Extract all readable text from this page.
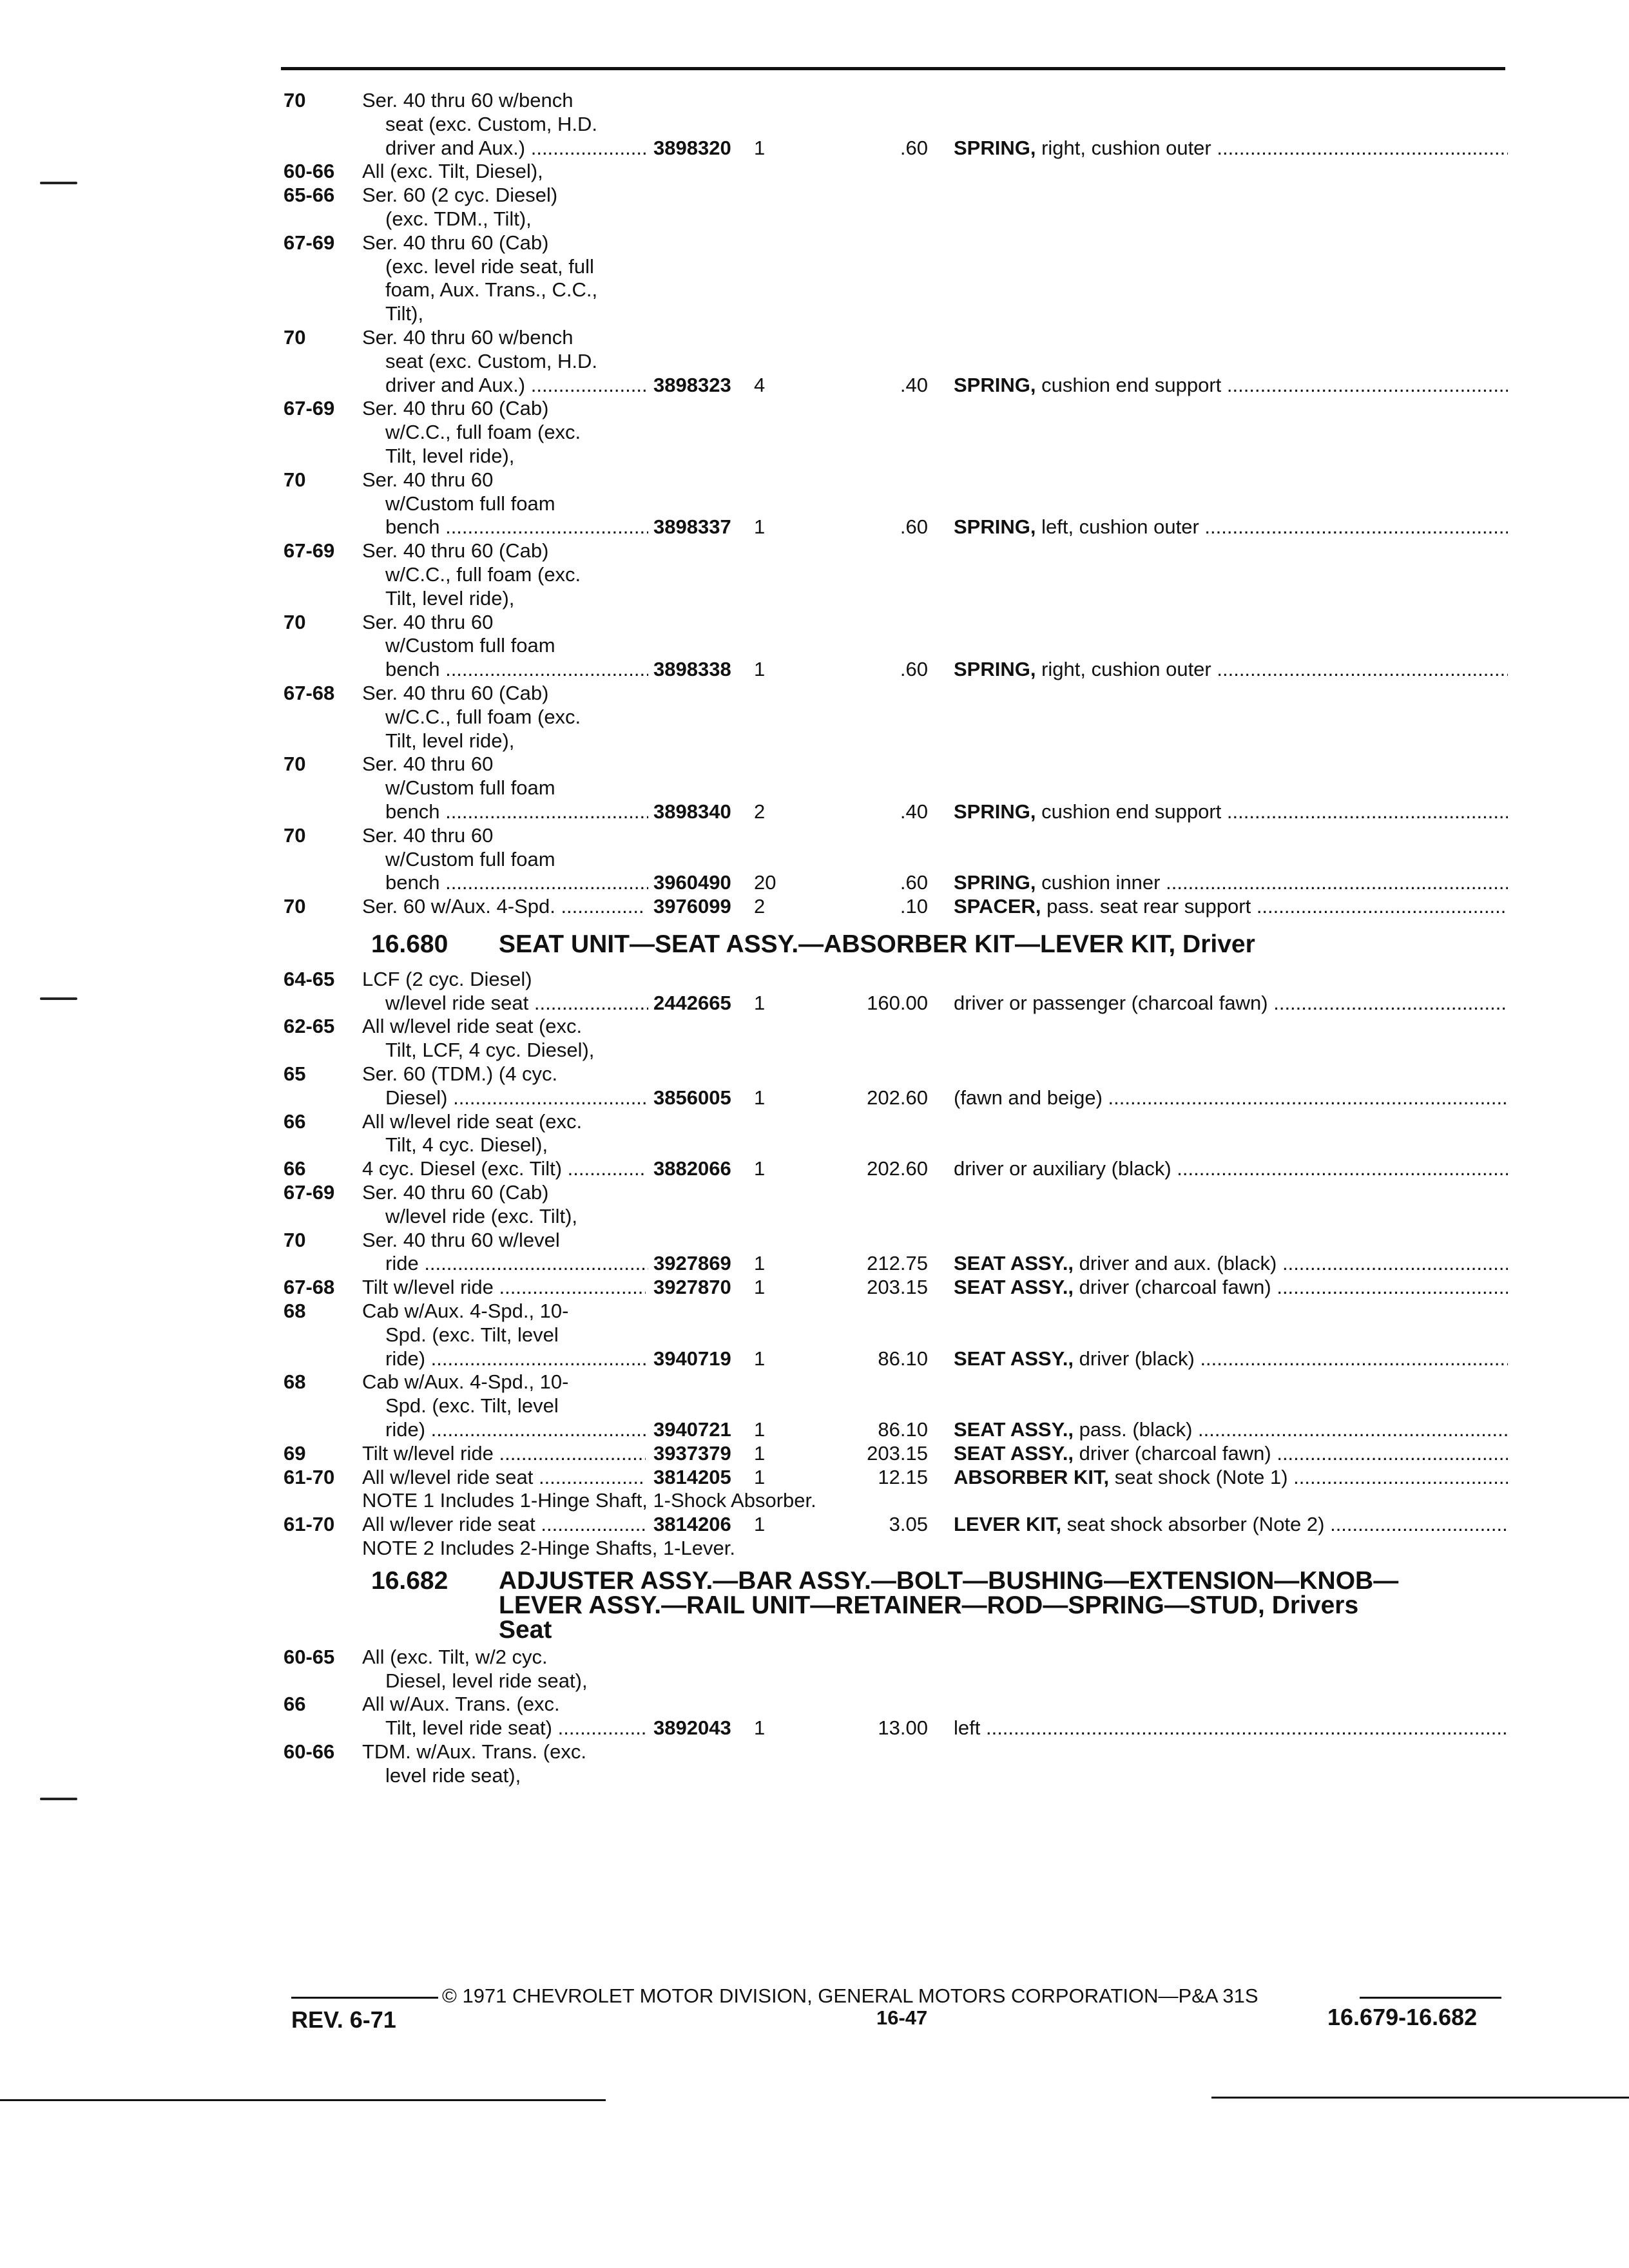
70	Ser. 40 thru 60 w/bench
seat (exc. Custom, H.D.
driver and Aux.) .....	3898320	1	.60 SPRING, right, cushion outer .....
60-66	All (exc. Tilt, Diesel),
65-66	Ser. 60 (2 cyc. Diesel)
(exc. TDM., Tilt),
67-69	Ser. 40 thru 60 (Cab)
(exc. level ride seat, full
foam, Aux. Trans., C.C.,
Tilt),
70	Ser. 40 thru 60 w/bench
seat (exc. Custom, H.D.
driver and Aux.) .....	3898323	4	.40 SPRING, cushion end support .....
67-69	Ser. 40 thru 60 (Cab)
w/C.C., full foam (exc.
Tilt, level ride),
70	Ser. 40 thru 60
w/Custom full foam
bench .....	3898337	1	.60 SPRING, left, cushion outer .....
67-69	Ser. 40 thru 60 (Cab)
w/C.C., full foam (exc.
Tilt, level ride),
70	Ser. 40 thru 60
w/Custom full foam
bench .....	3898338	1	.60 SPRING, right, cushion outer .....
67-68	Ser. 40 thru 60 (Cab)
w/C.C., full foam (exc.
Tilt, level ride),
70	Ser. 40 thru 60
w/Custom full foam
bench .....	3898340	2	.40 SPRING, cushion end support .....
70	Ser. 40 thru 60
w/Custom full foam
bench .....	3960490	20	.60 SPRING, cushion inner .....
70	Ser. 60 w/Aux. 4-Spd. .....	3976099	2	.10 SPACER, pass. seat rear support .....
16.680 SEAT UNIT—SEAT ASSY.—ABSORBER KIT—LEVER KIT, Driver
64-65	LCF (2 cyc. Diesel)
w/level ride seat .....	2442665	1	160.00 driver or passenger (charcoal fawn) .....
62-65	All w/level ride seat (exc.
Tilt, LCF, 4 cyc. Diesel),
65	Ser. 60 (TDM.) (4 cyc.
Diesel) .....	3856005	1	202.60 (fawn and beige) .....
66	All w/level ride seat (exc.
Tilt, 4 cyc. Diesel),
66	4 cyc. Diesel (exc. Tilt) .....	3882066	1	202.60 driver or auxiliary (black) .....
67-69	Ser. 40 thru 60 (Cab)
w/level ride (exc. Tilt),
70	Ser. 40 thru 60 w/level
ride .....	3927869	1	212.75 SEAT ASSY., driver and aux. (black) .....
67-68	Tilt w/level ride .....	3927870	1	203.15 SEAT ASSY., driver (charcoal fawn) .....
68	Cab w/Aux. 4-Spd., 10-
Spd. (exc. Tilt, level
ride) .....	3940719	1	86.10 SEAT ASSY., driver (black) .....
68	Cab w/Aux. 4-Spd., 10-
Spd. (exc. Tilt, level
ride) .....	3940721	1	86.10 SEAT ASSY., pass. (black) .....
69	Tilt w/level ride .....	3937379	1	203.15 SEAT ASSY., driver (charcoal fawn) .....
61-70	All w/level ride seat .....	3814205	1	12.15 ABSORBER KIT, seat shock (Note 1) .....
NOTE 1 Includes 1-Hinge Shaft, 1-Shock Absorber.
61-70	All w/lever ride seat .....	3814206	1	3.05 LEVER KIT, seat shock absorber (Note 2) .....
NOTE 2 Includes 2-Hinge Shafts, 1-Lever.
16.682 ADJUSTER ASSY.—BAR ASSY.—BOLT—BUSHING—EXTENSION—KNOB—
LEVER ASSY.—RAIL UNIT—RETAINER—ROD—SPRING—STUD, Drivers
Seat
60-65	All (exc. Tilt, w/2 cyc.
Diesel, level ride seat),
66	All w/Aux. Trans. (exc.
Tilt, level ride seat) .....	3892043	1	13.00 left .....
60-66	TDM. w/Aux. Trans. (exc.
level ride seat),
© 1971 CHEVROLET MOTOR DIVISION, GENERAL MOTORS CORPORATION—P&A 31S
REV. 6-71	16-47	16.679-16.682
